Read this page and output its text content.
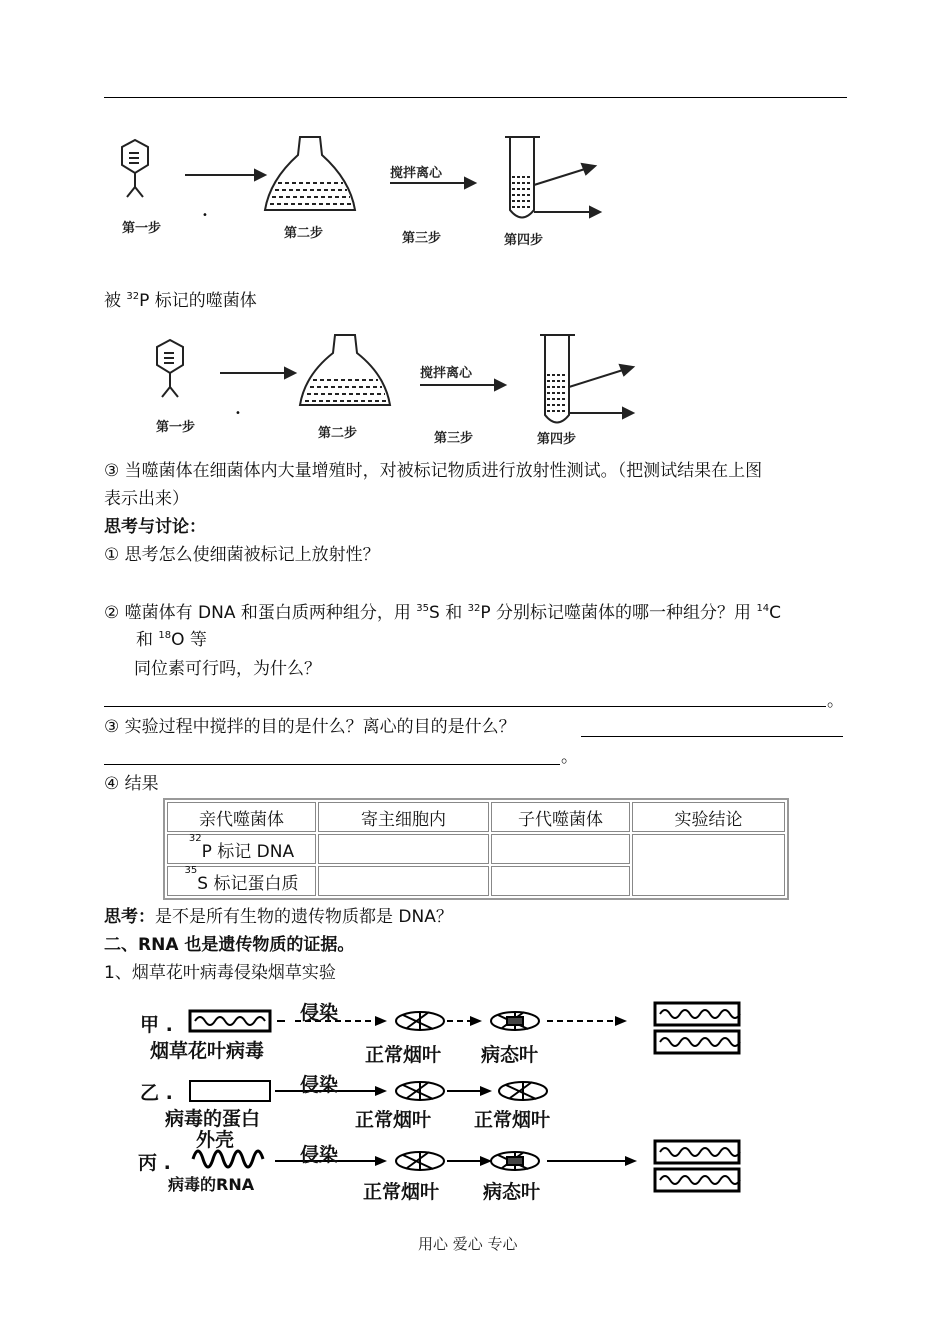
第一步	第二步	第三步	第四步
搅拌离心
•
被 $^{32}$P 标记的噬菌体
第一步	第二步	第三步	第四步
搅拌离心
•
③ 当噬菌体在细菌体内大量增殖时，对被标记物质进行放射性测试。（把测试结果在上图
表示出来）
思考与讨论：
① 思考怎么使细菌被标记上放射性？
② 噬菌体有 DNA 和蛋白质两种组分，用 $^{35}$S 和 $^{32}$P 分别标记噬菌体的哪一种组分？用 $^{14}$C
和 $^{18}$O 等
同位素可行吗，为什么？
。
③ 实验过程中搅拌的目的是什么？离心的目的是什么？
。
④ 结果
亲代噬菌体	寄主细胞内	子代噬菌体	实验结论
$^{32}$P 标记 DNA			
$^{35}$S 标记蛋白质			
思考：是不是所有生物的遗传物质都是 DNA？
二、RNA 也是遗传物质的证据。
1、烟草花叶病毒侵染烟草实验
甲 .
烟草花叶病毒
侵染
正常烟叶 病态叶
乙 .
病毒的蛋白
外壳
侵染
正常烟叶 正常烟叶
丙 .
病毒的RNA
侵染
正常烟叶 病态叶
用心 爱心 专心
